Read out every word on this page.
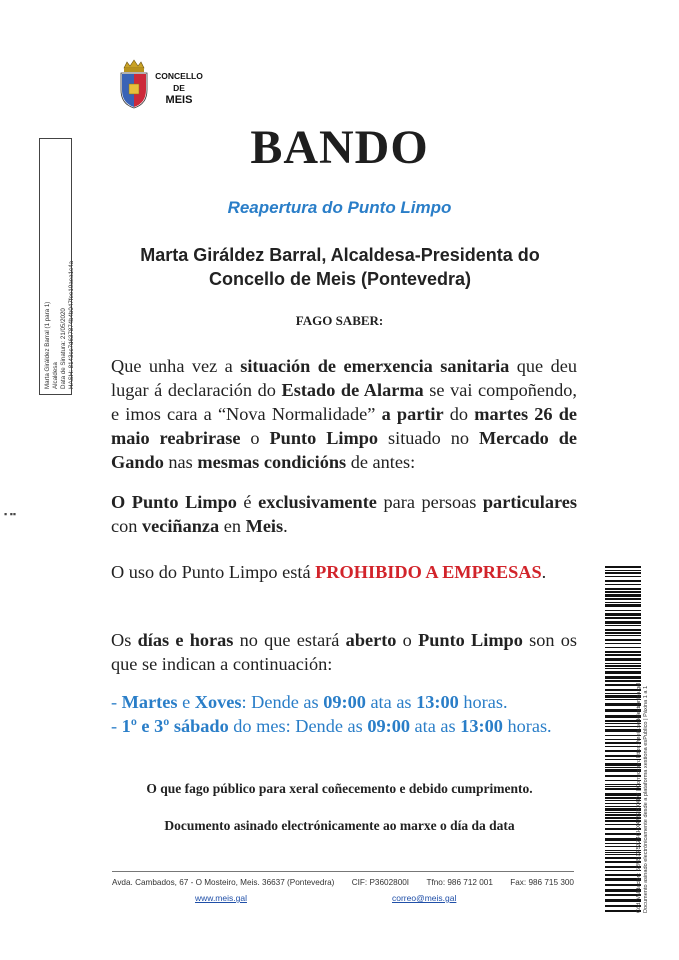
CONCELLO
DE
MEIS
BANDO
Reapertura do Punto Limpo
Marta Giráldez Barral, Alcaldesa-Presidenta do
Concello de Meis (Pontevedra)
FAGO SABER:
Que unha vez a situación de emerxencia sanitaria que deu lugar á declaración do Estado de Alarma se vai compoñendo, e imos cara a “Nova Normalidade” a partir do martes 26 de maio reabrirase o Punto Limpo situado no Mercado de Gando nas mesmas condicións de antes:
O Punto Limpo é exclusivamente para persoas particulares con veciñanza en Meis.
O uso do Punto Limpo está PROHIBIDO A EMPRESAS.
Os días e horas no que estará aberto o Punto Limpo son os que se indican a continuación:
- Martes e Xoves: Dende as 09:00 ata as 13:00 horas.
- 1º e 3º sábado do mes: Dende as 09:00 ata as 13:00 horas.
O que fago público para xeral coñecemento e debido cumprimento.
Documento asinado electrónicamente ao marxe o día da data
Avda. Cambados, 67 - O Mosteiro, Meis. 36637 (Pontevedra) CIF: P3602800I Tfno: 986 712 001 Fax: 986 715 300
www.meis.gal	correo@meis.gal
Marta Giráldez Barral (1 para 1) Alcaldesa Data de Sinatura: 21/05/2020 HASH: 8143cc7d637874b4b047fee10aea1c4a
▪ ▪▪
Cód. Validación: 52MSXF5ZZ4CHX47Z9RXXDY | Corrección: https://meis.sedelectronica.gal Documento asinado electrónicamente desde a plataforma xestiona esPublico | Páxina 1 a 1
